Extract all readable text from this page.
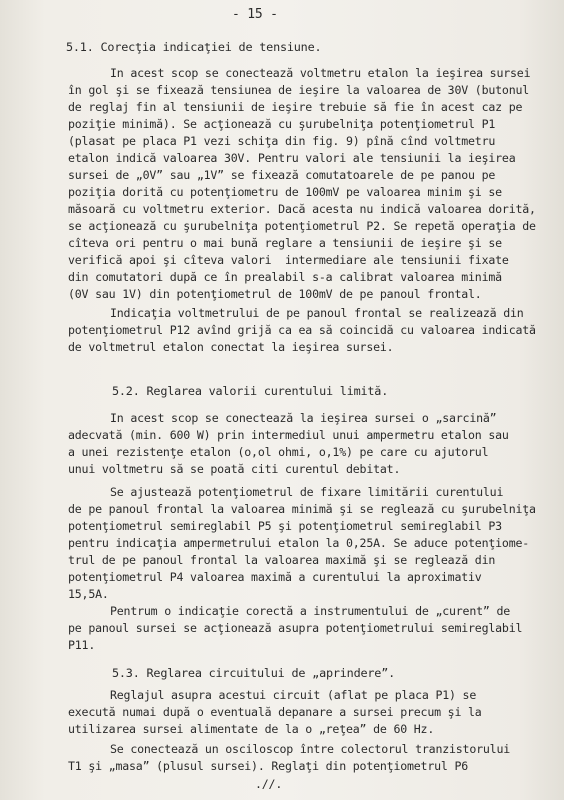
- 15 -
5.1. Corecţia indicaţiei de tensiune.
In acest scop se conectează voltmetru etalon la ieşirea sursei
în gol şi se fixează tensiunea de ieşire la valoarea de 30V (butonul
de reglaj fin al tensiunii de ieşire trebuie să fie în acest caz pe
poziţie minimă). Se acţionează cu şurubelniţa potenţiometrul P1
(plasat pe placa P1 vezi schiţa din fig. 9) pînă cînd voltmetru
etalon indică valoarea 30V. Pentru valori ale tensiunii la ieşirea
sursei de „0V” sau „1V” se fixează comutatoarele de pe panou pe
poziţia dorită cu potenţiometru de 100mV pe valoarea minim şi se
măsoară cu voltmetru exterior. Dacă acesta nu indică valoarea dorită,
se acţionează cu şurubelniţa potenţiometrul P2. Se repetă operaţia de
cîteva ori pentru o mai bună reglare a tensiunii de ieşire şi se
verifică apoi şi cîteva valori  intermediare ale tensiunii fixate
din comutatori după ce în prealabil s-a calibrat valoarea minimă
(0V sau 1V) din potenţiometrul de 100mV de pe panoul frontal.
Indicaţia voltmetrului de pe panoul frontal se realizează din
potenţiometrul P12 avînd grijă ca ea să coincidă cu valoarea indicată
de voltmetrul etalon conectat la ieşirea sursei.
5.2. Reglarea valorii curentului limită.
In acest scop se conectează la ieşirea sursei o „sarcină”
adecvată (min. 600 W) prin intermediul unui ampermetru etalon sau
a unei rezistenţe etalon (o,ol ohmi, o,1%) pe care cu ajutorul
unui voltmetru să se poată citi curentul debitat.
Se ajustează potenţiometrul de fixare limitării curentului
de pe panoul frontal la valoarea minimă şi se reglează cu şurubelniţa
potenţiometrul semireglabil P5 şi potenţiometrul semireglabil P3
pentru indicaţia ampermetrului etalon la 0,25A. Se aduce potenţiome-
trul de pe panoul frontal la valoarea maximă şi se reglează din
potenţiometrul P4 valoarea maximă a curentului la aproximativ
15,5A.
Pentrum o indicaţie corectă a instrumentului de „curent” de
pe panoul sursei se acţionează asupra potenţiometrului semireglabil
P11.
5.3. Reglarea circuitului de „aprindere”.
Reglajul asupra acestui circuit (aflat pe placa P1) se
execută numai după o eventuală depanare a sursei precum şi la
utilizarea sursei alimentate de la o „reţea” de 60 Hz.
Se conectează un osciloscop între colectorul tranzistorului
T1 şi „masa” (plusul sursei). Reglaţi din potenţiometrul P6
.//.
